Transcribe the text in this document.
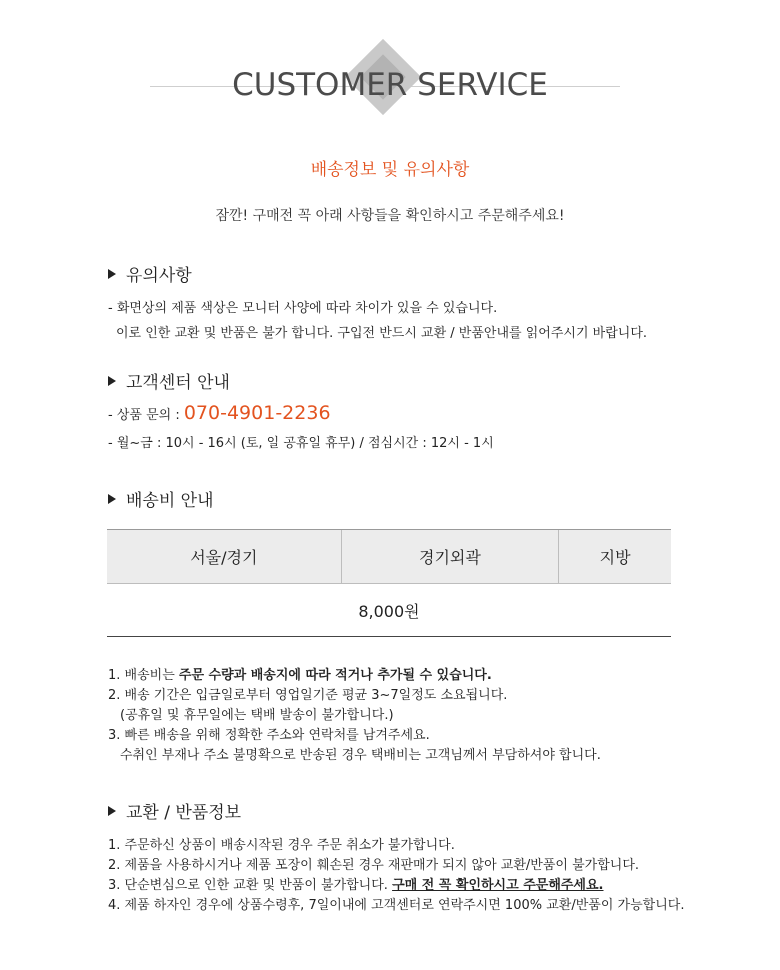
CUSTOMER SERVICE
배송정보 및 유의사항
잠깐! 구매전 꼭 아래 사항들을 확인하시고 주문해주세요!
유의사항
- 화면상의 제품 색상은 모니터 사양에 따라 차이가 있을 수 있습니다.
이로 인한 교환 및 반품은 불가 합니다. 구입전 반드시 교환 / 반품안내를 읽어주시기 바랍니다.
고객센터 안내
- 상품 문의 : 070-4901-2236
- 월~금 : 10시 - 16시 (토, 일 공휴일 휴무) / 점심시간 : 12시 - 1시
배송비 안내
서울/경기	경기외곽	지방
8,000원
1. 배송비는 주문 수량과 배송지에 따라 적거나 추가될 수 있습니다.
2. 배송 기간은 입금일로부터 영업일기준 평균 3~7일정도 소요됩니다.
(공휴일 및 휴무일에는 택배 발송이 불가합니다.)
3. 빠른 배송을 위해 정확한 주소와 연락처를 남겨주세요.
수취인 부재나 주소 불명확으로 반송된 경우 택배비는 고객님께서 부담하셔야 합니다.
교환 / 반품정보
1. 주문하신 상품이 배송시작된 경우 주문 취소가 불가합니다.
2. 제품을 사용하시거나 제품 포장이 훼손된 경우 재판매가 되지 않아 교환/반품이 불가합니다.
3. 단순변심으로 인한 교환 및 반품이 불가합니다. 구매 전 꼭 확인하시고 주문해주세요.
4. 제품 하자인 경우에 상품수령후, 7일이내에 고객센터로 연락주시면 100% 교환/반품이 가능합니다.
